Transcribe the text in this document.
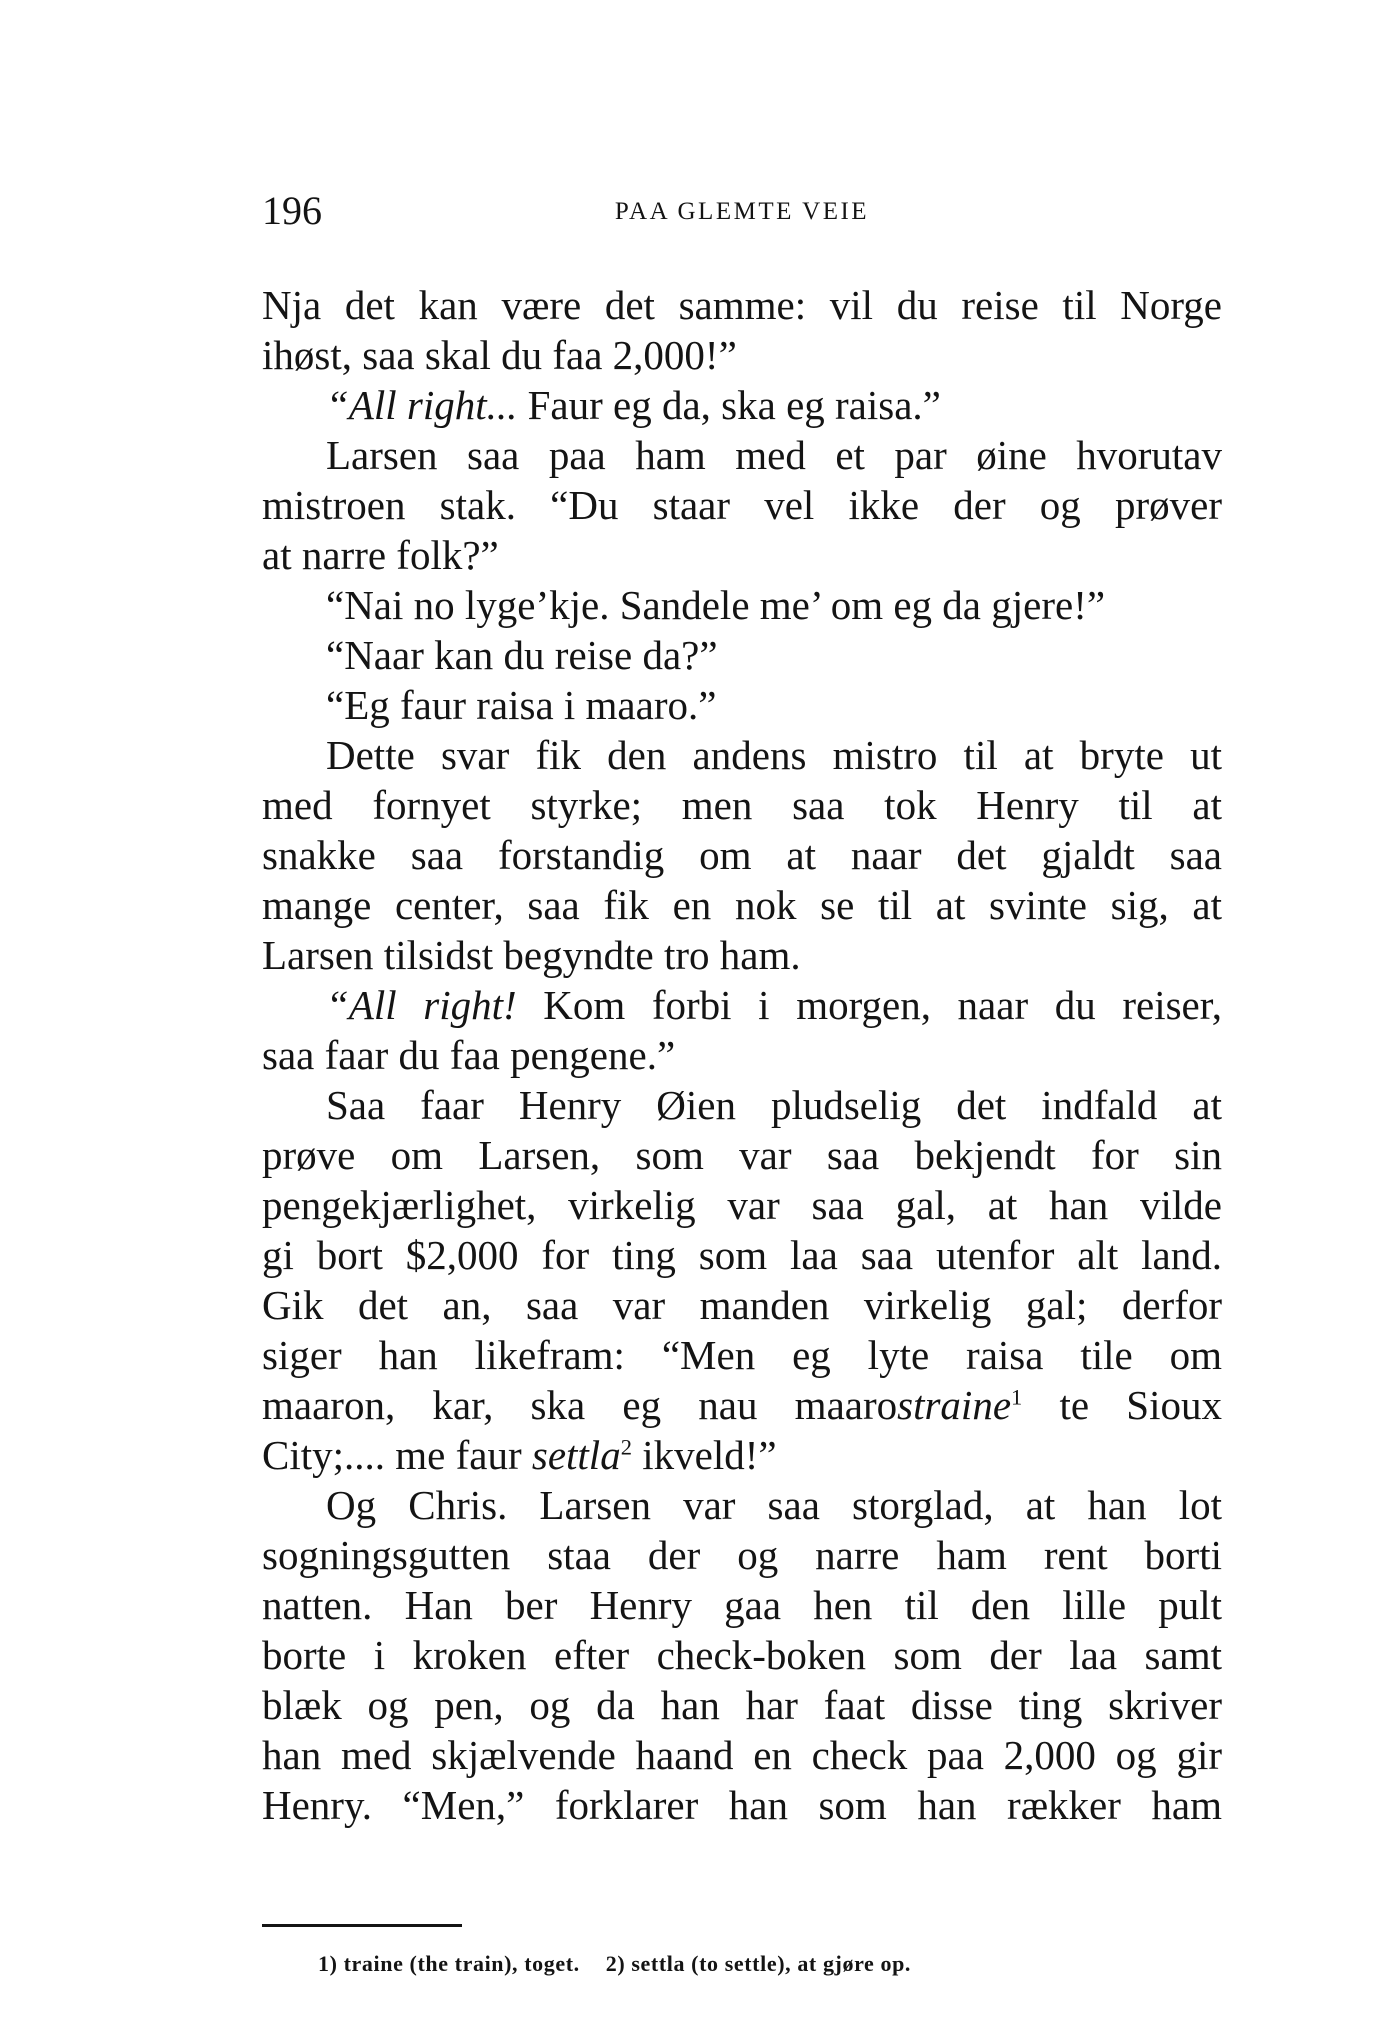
196	PAA GLEMTE VEIE
Nja det kan være det samme: vil du reise til Norge
ihøst, saa skal du faa 2,000!”
“All right... Faur eg da, ska eg raisa.”
Larsen saa paa ham med et par øine hvorutav
mistroen stak. “Du staar vel ikke der og prøver
at narre folk?”
“Nai no lyge’kje. Sandele me’ om eg da gjere!”
“Naar kan du reise da?”
“Eg faur raisa i maaro.”
Dette svar fik den andens mistro til at bryte ut
med fornyet styrke; men saa tok Henry til at
snakke saa forstandig om at naar det gjaldt saa
mange center, saa fik en nok se til at svinte sig, at
Larsen tilsidst begyndte tro ham.
“All right! Kom forbi i morgen, naar du reiser,
saa faar du faa pengene.”
Saa faar Henry Øien pludselig det indfald at
prøve om Larsen, som var saa bekjendt for sin
pengekjærlighet, virkelig var saa gal, at han vilde
gi bort $2,000 for ting som laa saa utenfor alt land.
Gik det an, saa var manden virkelig gal; derfor
siger han likefram: “Men eg lyte raisa tile om
maaron, kar, ska eg nau maarostraine$^1$ te Sioux
City;.... me faur settla$^2$ ikveld!”
Og Chris. Larsen var saa storglad, at han lot
sogningsgutten staa der og narre ham rent borti
natten. Han ber Henry gaa hen til den lille pult
borte i kroken efter check-boken som der laa samt
blæk og pen, og da han har faat disse ting skriver
han med skjælvende haand en check paa 2,000 og gir
Henry. “Men,” forklarer han som han rækker ham
1) traine (the train), toget. 2) settla (to settle), at gjøre op.
